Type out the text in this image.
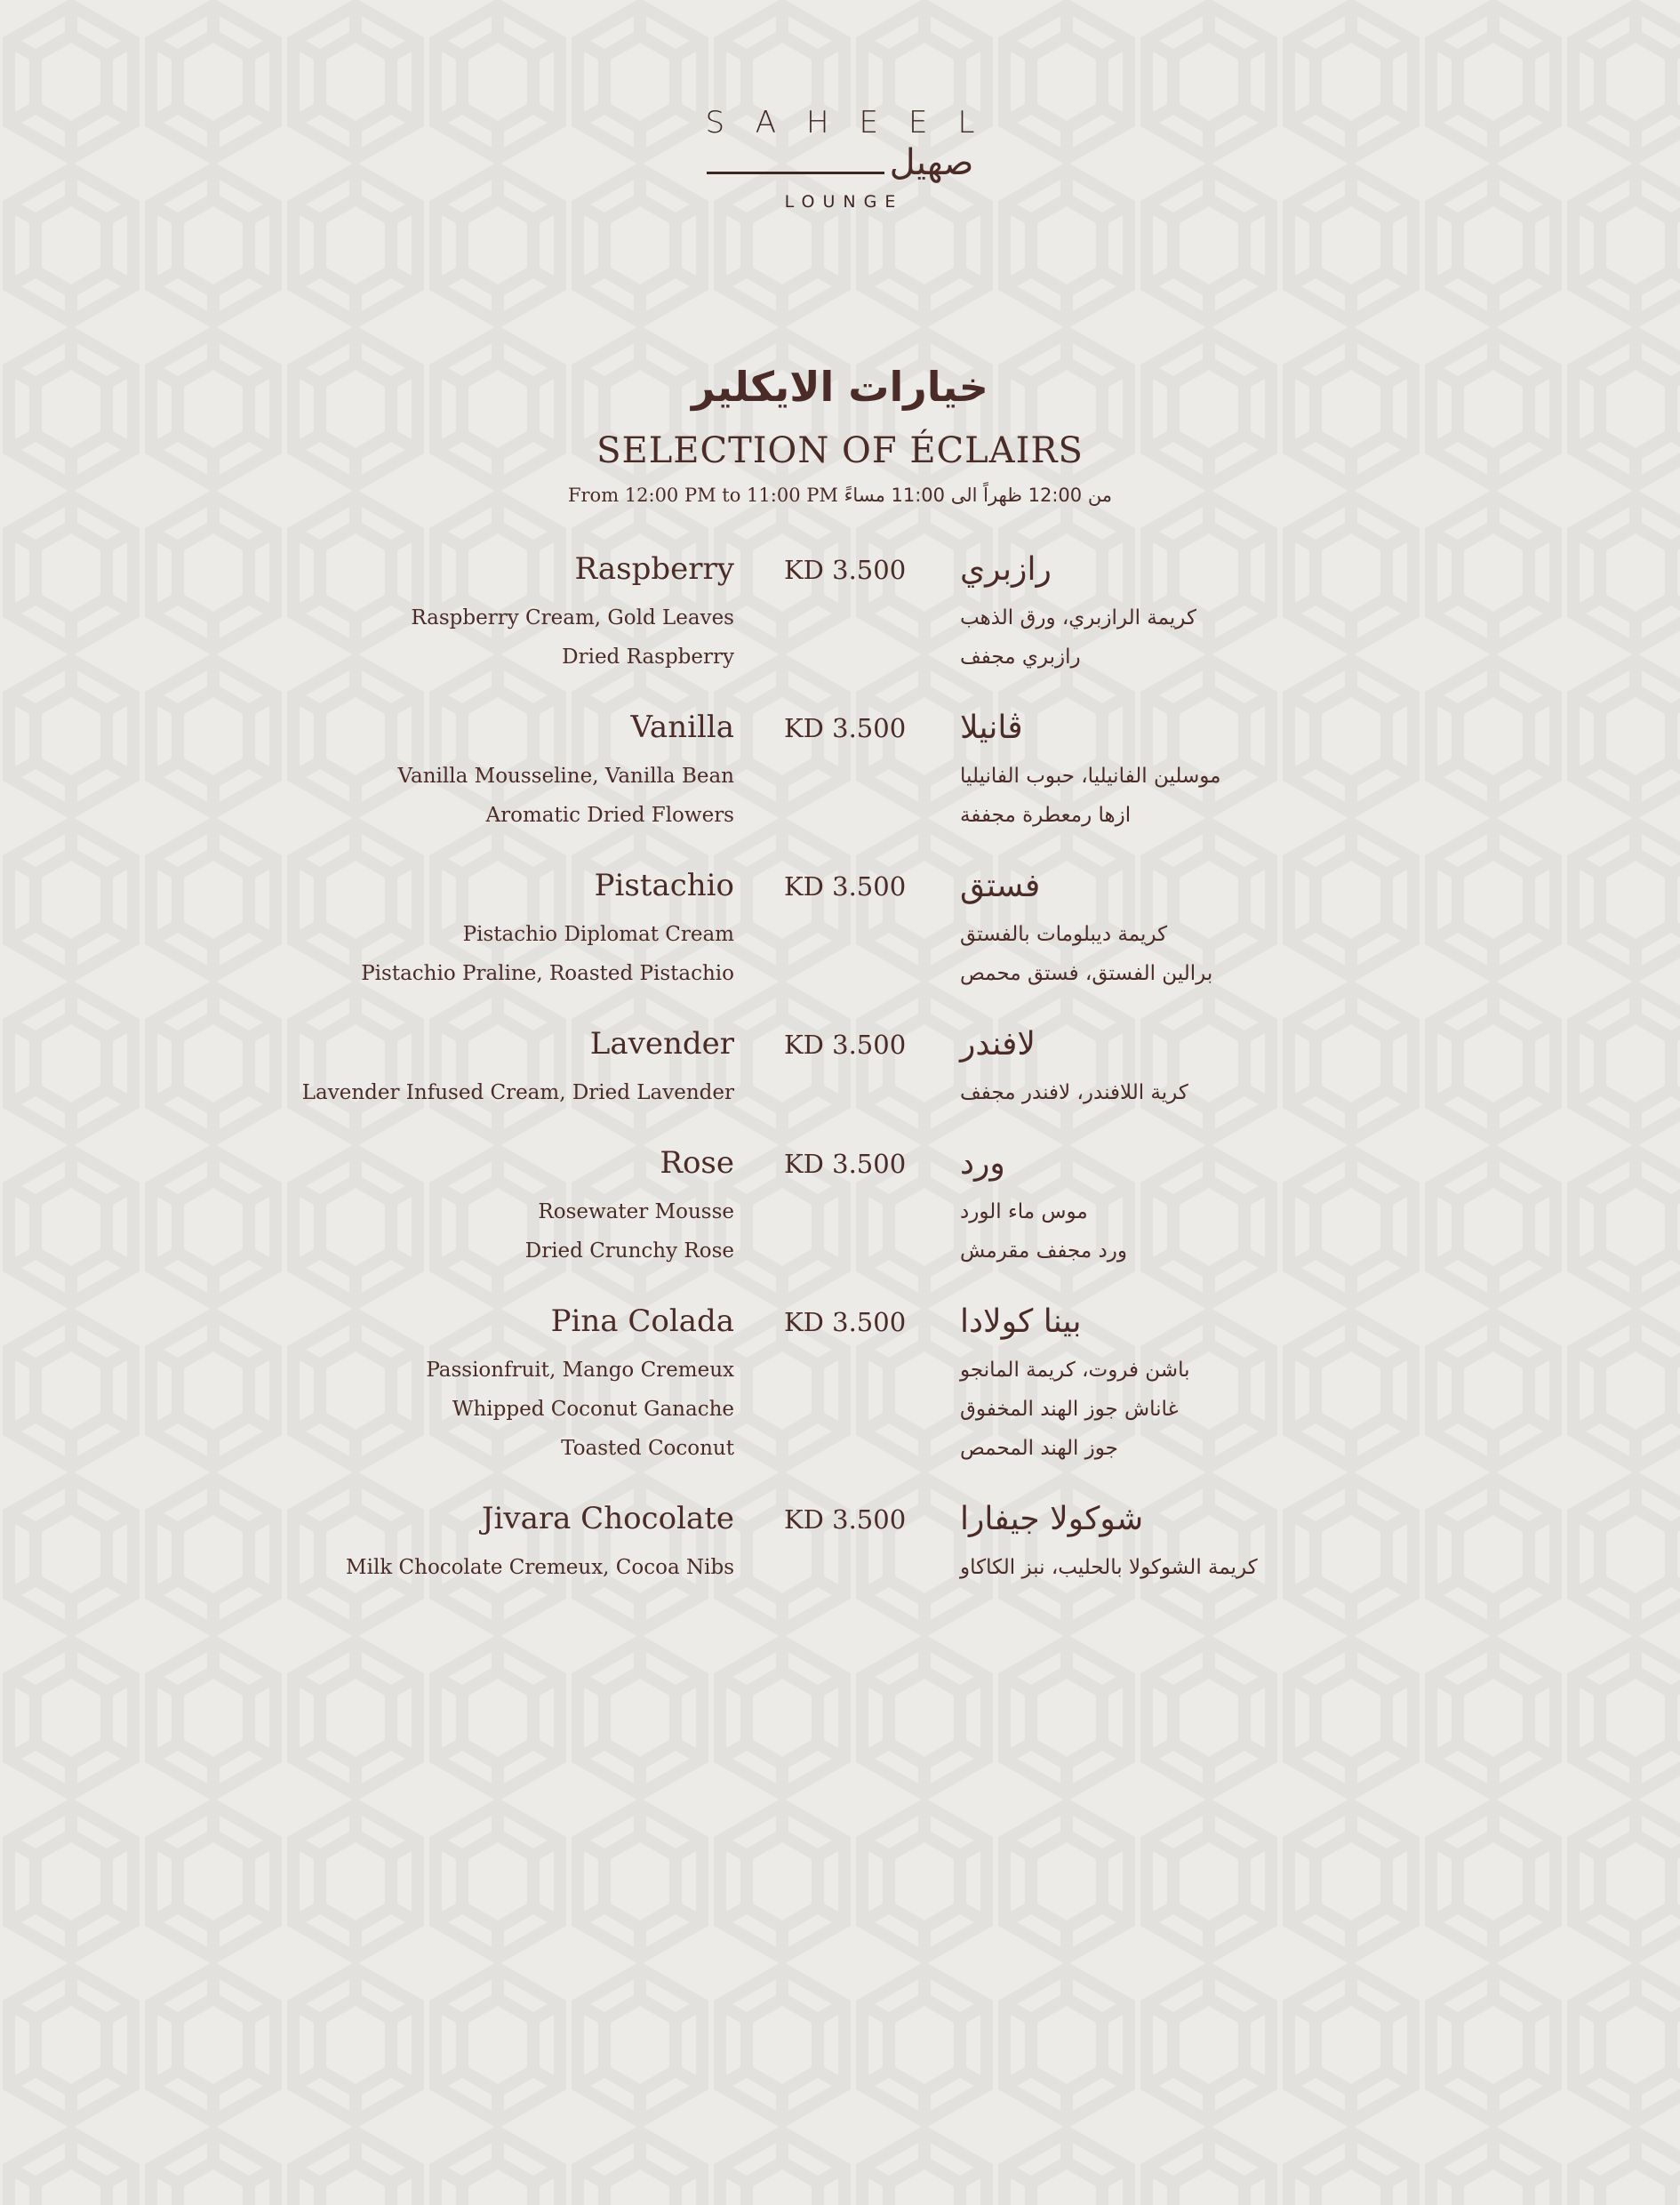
SAHEEL
صهيل
LOUNGE
خيارات الايكلير
SELECTION OF ÉCLAIRS
From 12:00 PM to 11:00 PM من 12:00 ظهراً الى 11:00 مساءً
Raspberry KD 3.500 رازبري
Raspberry Cream, Gold Leaves
Dried Raspberry
كريمة الرازبري، ورق الذهب
رازبري مجفف
Vanilla KD 3.500 ڤانيلا
Vanilla Mousseline, Vanilla Bean
Aromatic Dried Flowers
موسلين الفانيليا، حبوب الفانيليا
ازها رمعطرة مجففة
Pistachio KD 3.500 فستق
Pistachio Diplomat Cream
Pistachio Praline, Roasted Pistachio
كريمة ديبلومات بالفستق
برالين الفستق، فستق محمص
Lavender KD 3.500 لافندر
Lavender Infused Cream, Dried Lavender	كرية اللافندر، لافندر مجفف
Rose KD 3.500 ورد
Rosewater Mousse
Dried Crunchy Rose
موس ماء الورد
ورد مجفف مقرمش
Pina Colada KD 3.500 بينا كولادا
Passionfruit, Mango Cremeux
Whipped Coconut Ganache
Toasted Coconut
باشن فروت، كريمة المانجو
غاناش جوز الهند المخفوق
جوز الهند المحمص
Jivara Chocolate KD 3.500 شوكولا جيفارا
Milk Chocolate Cremeux, Cocoa Nibs	كريمة الشوكولا بالحليب، نبز الكاكاو
